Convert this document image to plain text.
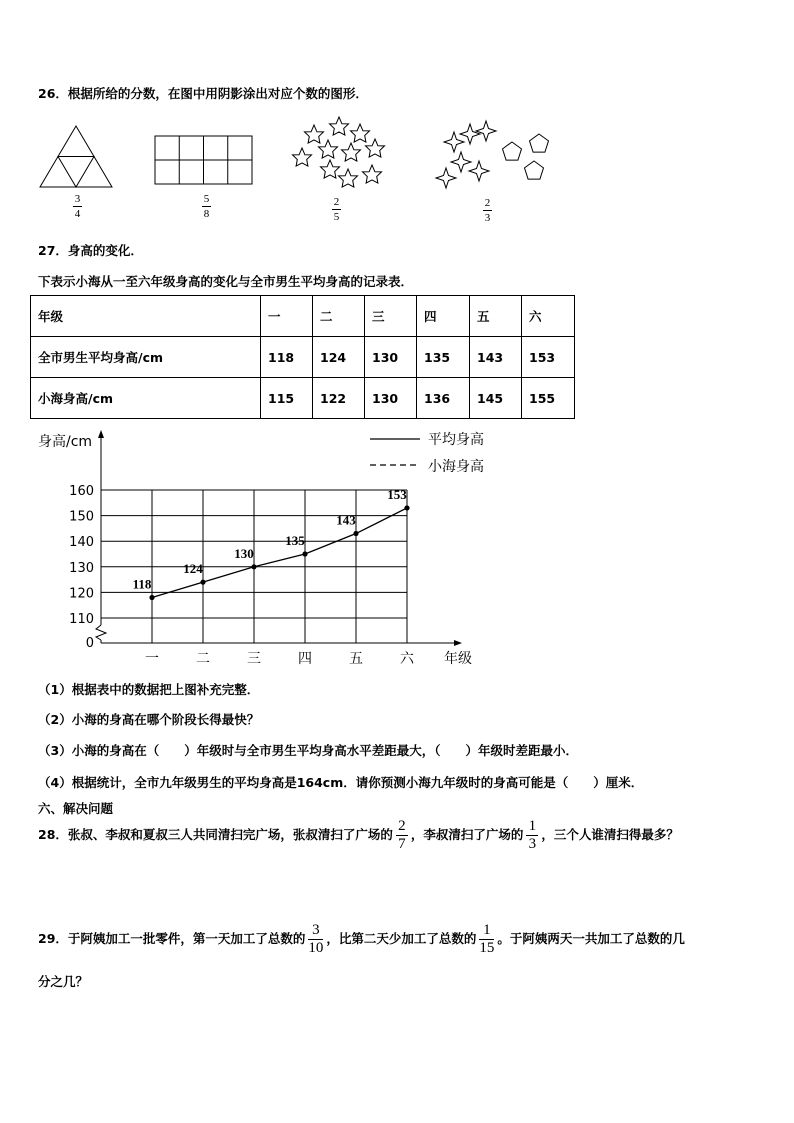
26．根据所给的分数，在图中用阴影涂出对应个数的图形．
3
4
5
8
2
5
2
3
27．身高的变化．
下表示小海从一至六年级身高的变化与全市男生平均身高的记录表．
年级	一	二	三	四	五	六
全市男生平均身高/cm	118	124	130	135	143	153
小海身高/cm	115	122	130	136	145	155
160
150
140
130
120
110
0
一	二	三	四	五	六
118
124
130
135
143
153
身高/cm
年级
平均身高
小海身高
（1）根据表中的数据把上图补充完整．
（2）小海的身高在哪个阶段长得最快？
（3）小海的身高在（　　）年级时与全市男生平均身高水平差距最大，（　　）年级时差距最小．
（4）根据统计，全市九年级男生的平均身高是164cm．请你预测小海九年级时的身高可能是（　　）厘米．
六、解决问题
28．张叔、李叔和夏叔三人共同清扫完广场，张叔清扫了广场的 $\frac{2}{7}$ ，李叔清扫了广场的 $\frac{1}{3}$ ，三个人谁清扫得最多？
29．于阿姨加工一批零件，第一天加工了总数的 $\frac{3}{10}$ ，比第二天少加工了总数的 $\frac{1}{15}$ 。于阿姨两天一共加工了总数的几
分之几？
